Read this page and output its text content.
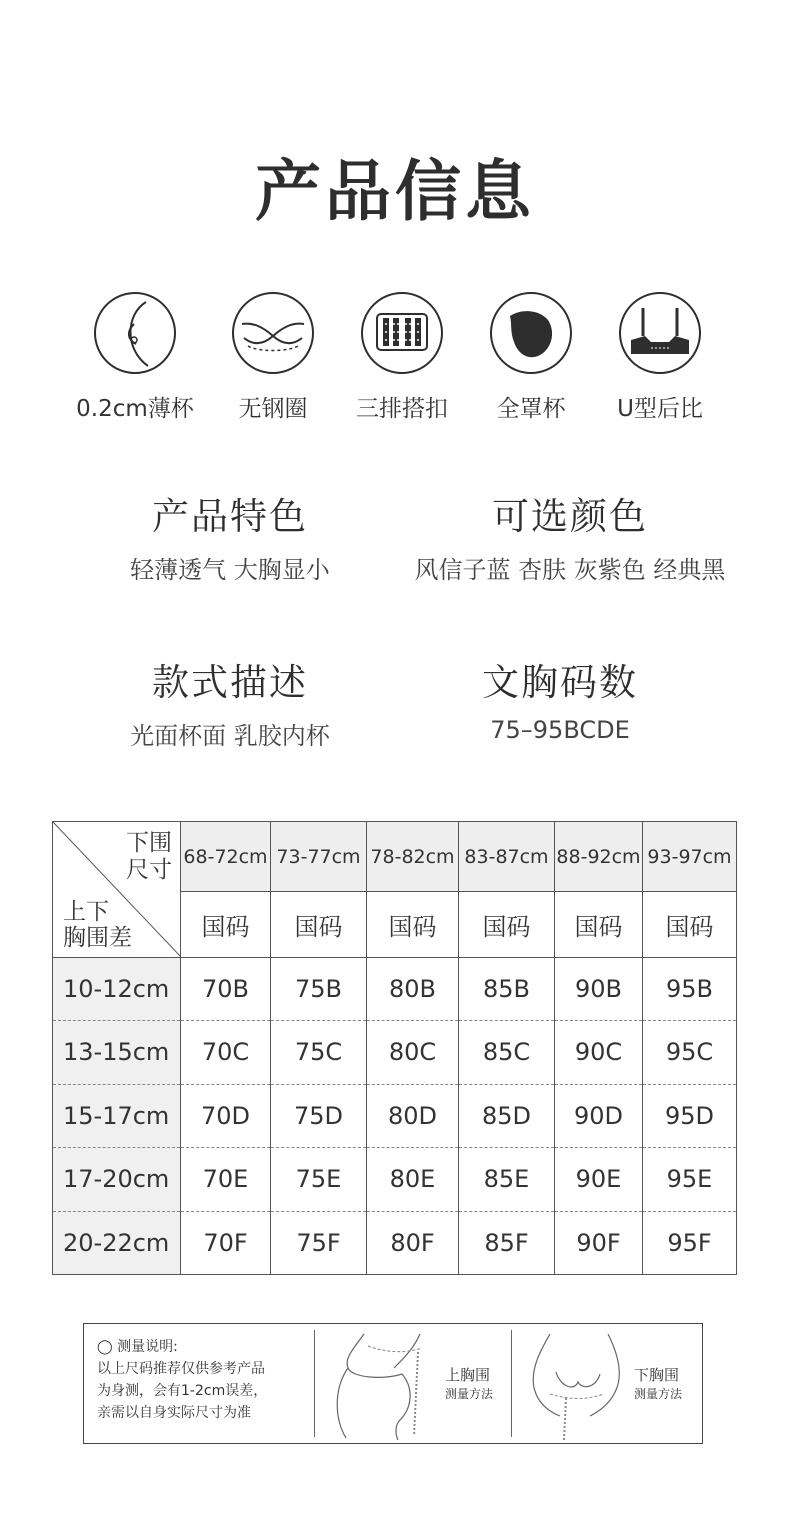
产品信息
0.2cm薄杯	无钢圈	三排搭扣	全罩杯	U型后比
产品特色
轻薄透气 大胸显小
可选颜色
风信子蓝 杏肤 灰紫色 经典黑
款式描述
光面杯面 乳胶内杯
文胸码数
75–95BCDE
下围
尺寸
上下
胸围差	68-72cm	73-77cm	78-82cm	83-87cm	88-92cm	93-97cm
	国码	国码	国码	国码	国码	国码
10-12cm	70B	75B	80B	85B	90B	95B
13-15cm	70C	75C	80C	85C	90C	95C
15-17cm	70D	75D	80D	85D	90D	95D
17-20cm	70E	75E	80E	85E	90E	95E
20-22cm	70F	75F	80F	85F	90F	95F
◯ 测量说明:
以上尺码推荐仅供参考产品
为身测，会有1-2cm误差，
亲需以自身实际尺寸为准
上胸围
测量方法
下胸围
测量方法
